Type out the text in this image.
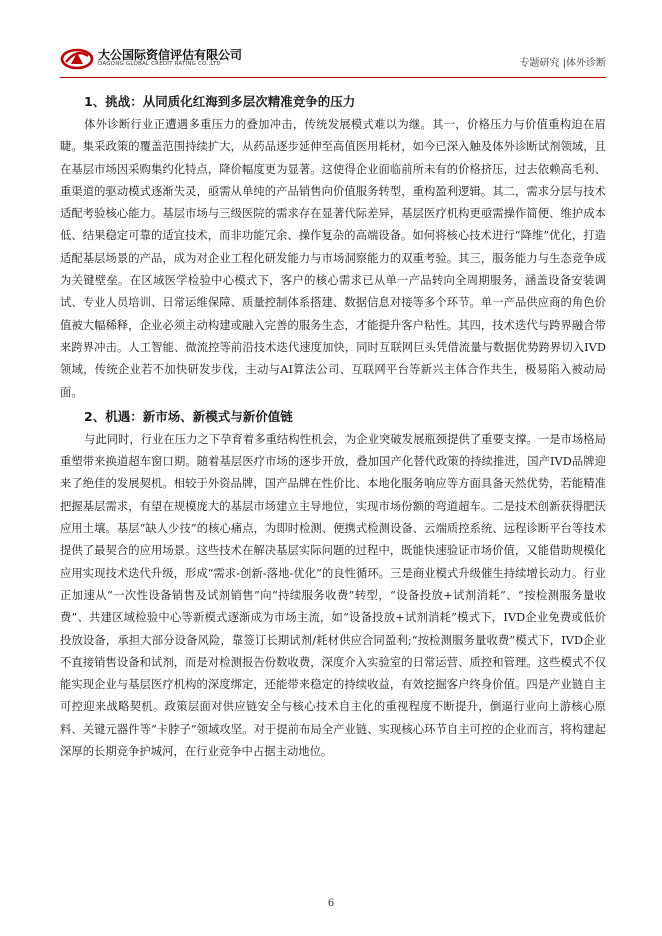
大公国际资信评估有限公司
DAGONG GLOBAL CREDIT RATING CO.,LTD	专题研究 |体外诊断
1、挑战：从同质化红海到多层次精准竞争的压力

体外诊断行业正遭遇多重压力的叠加冲击，传统发展模式难以为继。其一，价格压力与价值重构迫在眉睫。集采政策的覆盖范围持续扩大，从药品逐步延伸至高值医用耗材，如今已深入触及体外诊断试剂领域，且在基层市场因采购集约化特点，降价幅度更为显著。这使得企业面临前所未有的价格挤压，过去依赖高毛利、重渠道的驱动模式逐渐失灵，亟需从单纯的产品销售向价值服务转型，重构盈利逻辑。其二，需求分层与技术适配考验核心能力。基层市场与三级医院的需求存在显著代际差异，基层医疗机构更亟需操作简便、维护成本低、结果稳定可靠的适宜技术，而非功能冗余、操作复杂的高端设备。如何将核心技术进行“降维”优化，打造适配基层场景的产品，成为对企业工程化研发能力与市场洞察能力的双重考验。其三，服务能力与生态竞争成为关键壁垒。在区域医学检验中心模式下，客户的核心需求已从单一产品转向全周期服务，涵盖设备安装调试、专业人员培训、日常运维保障、质量控制体系搭建、数据信息对接等多个环节。单一产品供应商的角色价值被大幅稀释，企业必须主动构建或融入完善的服务生态，才能提升客户粘性。其四，技术迭代与跨界融合带来跨界冲击。人工智能、微流控等前沿技术迭代速度加快，同时互联网巨头凭借流量与数据优势跨界切入IVD领域，传统企业若不加快研发步伐，主动与AI算法公司、互联网平台等新兴主体合作共生，极易陷入被动局面。

2、机遇：新市场、新模式与新价值链

与此同时，行业在压力之下孕育着多重结构性机会，为企业突破发展瓶颈提供了重要支撑。一是市场格局重塑带来换道超车窗口期。随着基层医疗市场的逐步开放，叠加国产化替代政策的持续推进，国产IVD品牌迎来了绝佳的发展契机。相较于外资品牌，国产品牌在性价比、本地化服务响应等方面具备天然优势，若能精准把握基层需求，有望在规模庞大的基层市场建立主导地位，实现市场份额的弯道超车。二是技术创新获得肥沃应用土壤。基层“缺人少技”的核心痛点，为即时检测、便携式检测设备、云端质控系统、远程诊断平台等技术提供了最契合的应用场景。这些技术在解决基层实际问题的过程中，既能快速验证市场价值，又能借助规模化应用实现技术迭代升级，形成“需求-创新-落地-优化”的良性循环。三是商业模式升级催生持续增长动力。行业正加速从“一次性设备销售及试剂销售”向“持续服务收费”转型，“设备投放+试剂消耗”、“按检测服务量收费”、共建区域检验中心等新模式逐渐成为市场主流，如“设备投放+试剂消耗”模式下，IVD企业免费或低价投放设备，承担大部分设备风险，靠签订长期试剂/耗材供应合同盈利;“按检测服务量收费”模式下，IVD企业不直接销售设备和试剂，而是对检测报告份数收费，深度介入实验室的日常运营、质控和管理。这些模式不仅能实现企业与基层医疗机构的深度绑定，还能带来稳定的持续收益，有效挖掘客户终身价值。四是产业链自主可控迎来战略契机。政策层面对供应链安全与核心技术自主化的重视程度不断提升，倒逼行业向上游核心原料、关键元器件等“卡脖子”领域攻坚。对于提前布局全产业链、实现核心环节自主可控的企业而言，将构建起深厚的长期竞争护城河，在行业竞争中占据主动地位。

6
